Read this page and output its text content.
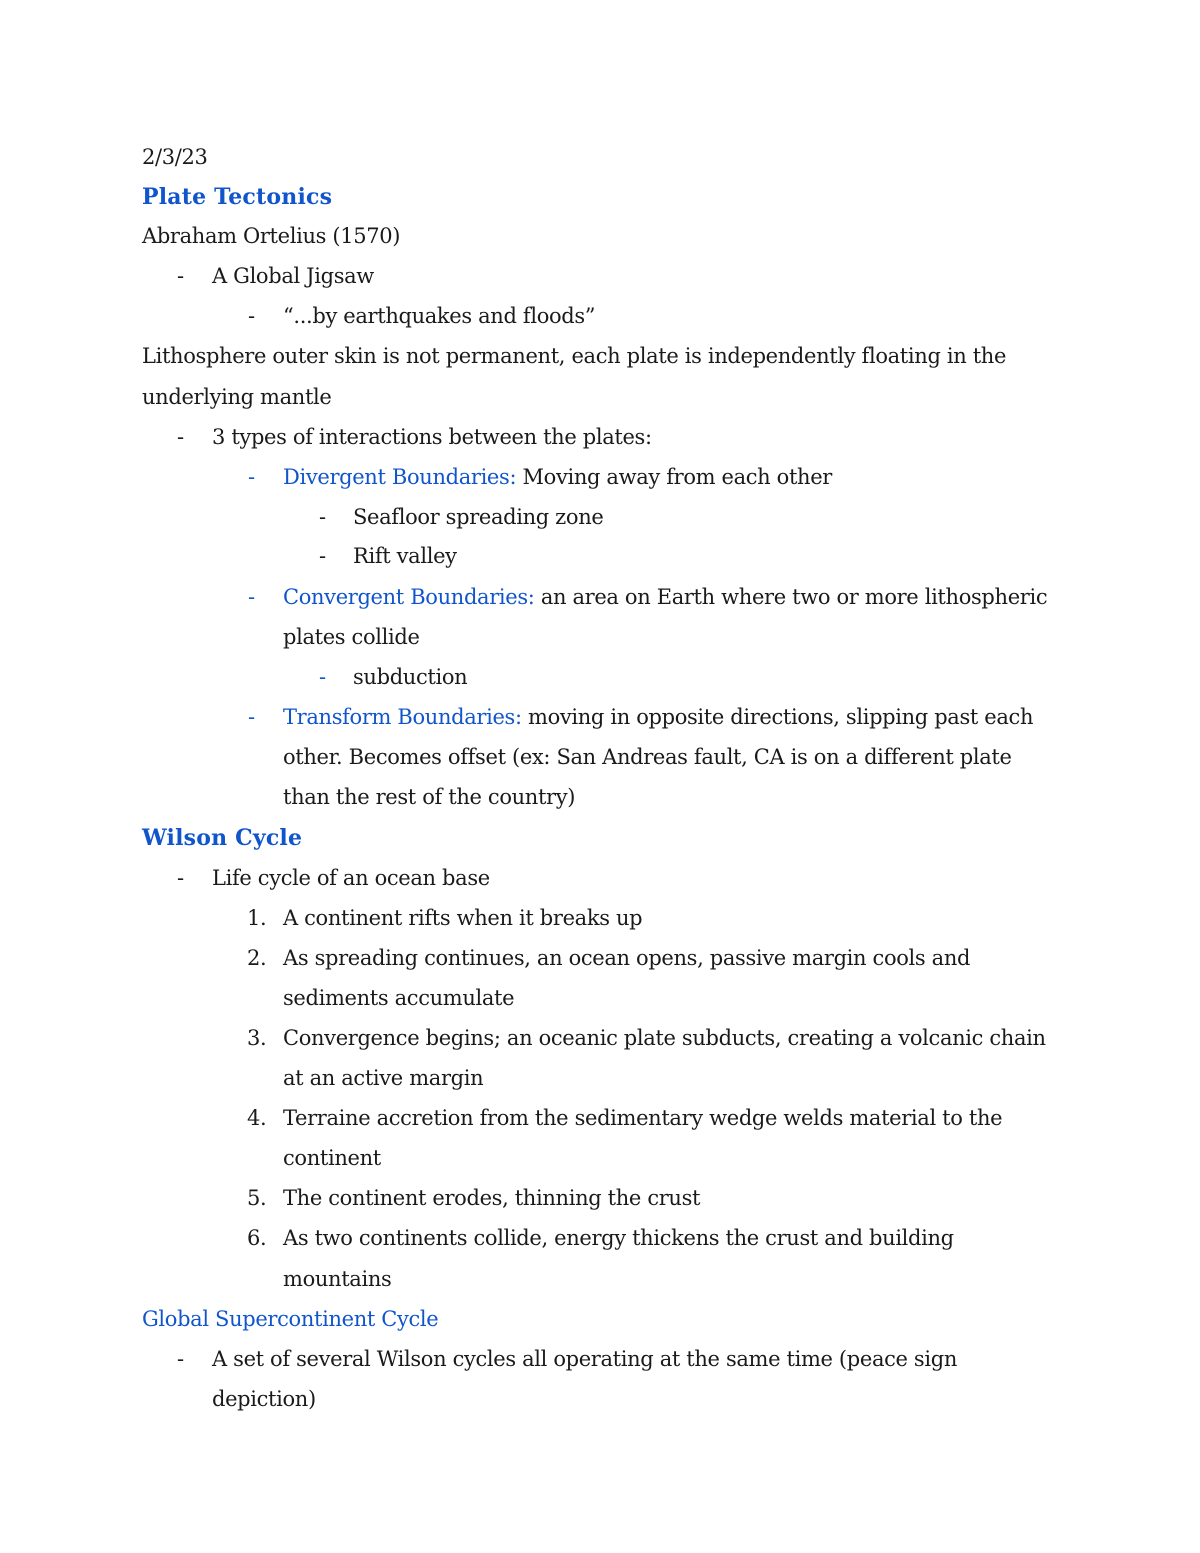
2/3/23
Plate Tectonics
Abraham Ortelius (1570)
- A Global Jigsaw
- “...by earthquakes and floods”
Lithosphere outer skin is not permanent, each plate is independently floating in the
underlying mantle
- 3 types of interactions between the plates:
- Divergent Boundaries: Moving away from each other
- Seafloor spreading zone
- Rift valley
- Convergent Boundaries: an area on Earth where two or more lithospheric
plates collide
- subduction
- Transform Boundaries: moving in opposite directions, slipping past each
other. Becomes offset (ex: San Andreas fault, CA is on a different plate
than the rest of the country)
Wilson Cycle
- Life cycle of an ocean base
1. A continent rifts when it breaks up
2. As spreading continues, an ocean opens, passive margin cools and
sediments accumulate
3. Convergence begins; an oceanic plate subducts, creating a volcanic chain
at an active margin
4. Terraine accretion from the sedimentary wedge welds material to the
continent
5. The continent erodes, thinning the crust
6. As two continents collide, energy thickens the crust and building
mountains
Global Supercontinent Cycle
- A set of several Wilson cycles all operating at the same time (peace sign
depiction)
